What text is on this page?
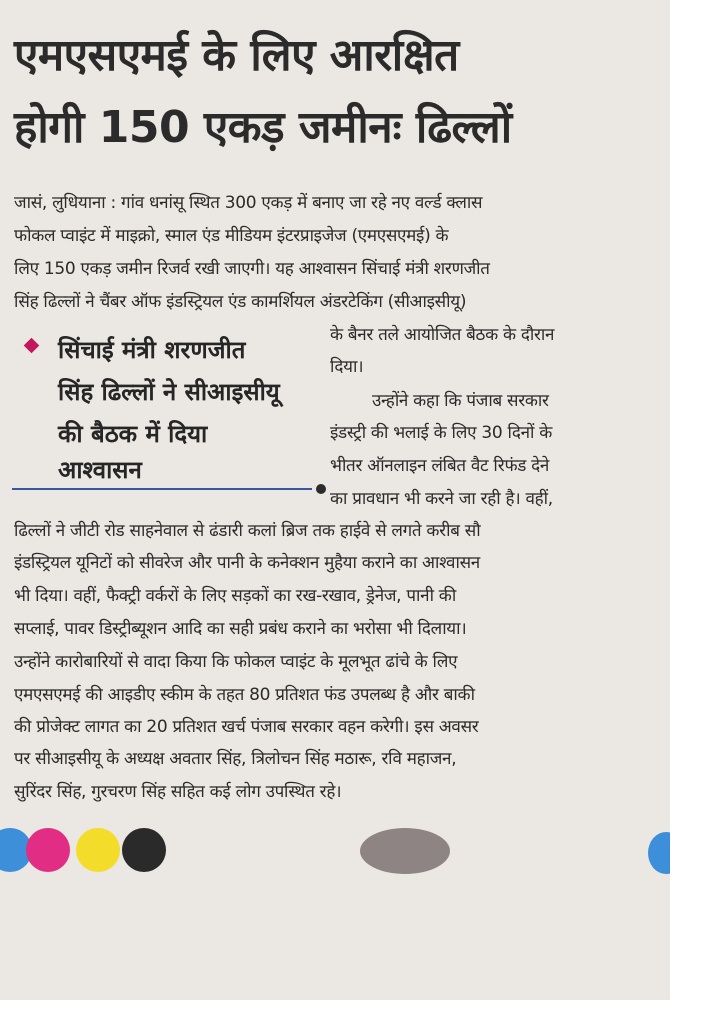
एमएसएमई के लिए आरक्षित
होगी 150 एकड़ जमीनः ढिल्लों
जासं, लुधियाना : गांव धनांसू स्थित 300 एकड़ में बनाए जा रहे नए वर्ल्ड क्लास
फोकल प्वाइंट में माइक्रो, स्माल एंड मीडियम इंटरप्राइजेज (एमएसएमई) के
लिए 150 एकड़ जमीन रिजर्व रखी जाएगी। यह आश्वासन सिंचाई मंत्री शरणजीत
सिंह ढिल्लों ने चैंबर ऑफ इंडस्ट्रियल एंड कामर्शियल अंडरटेकिंग (सीआइसीयू)
सिंचाई मंत्री शरणजीत
सिंह ढिल्लों ने सीआइसीयू
की बैठक में दिया
आश्वासन
के बैनर तले आयोजित बैठक के दौरान
दिया।
उन्होंने कहा कि पंजाब सरकार
इंडस्ट्री की भलाई के लिए 30 दिनों के
भीतर ऑनलाइन लंबित वैट रिफंड देने
का प्रावधान भी करने जा रही है। वहीं,
ढिल्लों ने जीटी रोड साहनेवाल से ढंडारी कलां ब्रिज तक हाईवे से लगते करीब सौ
इंडस्ट्रियल यूनिटों को सीवरेज और पानी के कनेक्शन मुहैया कराने का आश्वासन
भी दिया। वहीं, फैक्ट्री वर्करों के लिए सड़कों का रख-रखाव, ड्रेनेज, पानी की
सप्लाई, पावर डिस्ट्रीब्यूशन आदि का सही प्रबंध कराने का भरोसा भी दिलाया।
उन्होंने कारोबारियों से वादा किया कि फोकल प्वाइंट के मूलभूत ढांचे के लिए
एमएसएमई की आइडीए स्कीम के तहत 80 प्रतिशत फंड उपलब्ध है और बाकी
की प्रोजेक्ट लागत का 20 प्रतिशत खर्च पंजाब सरकार वहन करेगी। इस अवसर
पर सीआइसीयू के अध्यक्ष अवतार सिंह, त्रिलोचन सिंह मठारू, रवि महाजन,
सुरिंदर सिंह, गुरचरण सिंह सहित कई लोग उपस्थित रहे।
